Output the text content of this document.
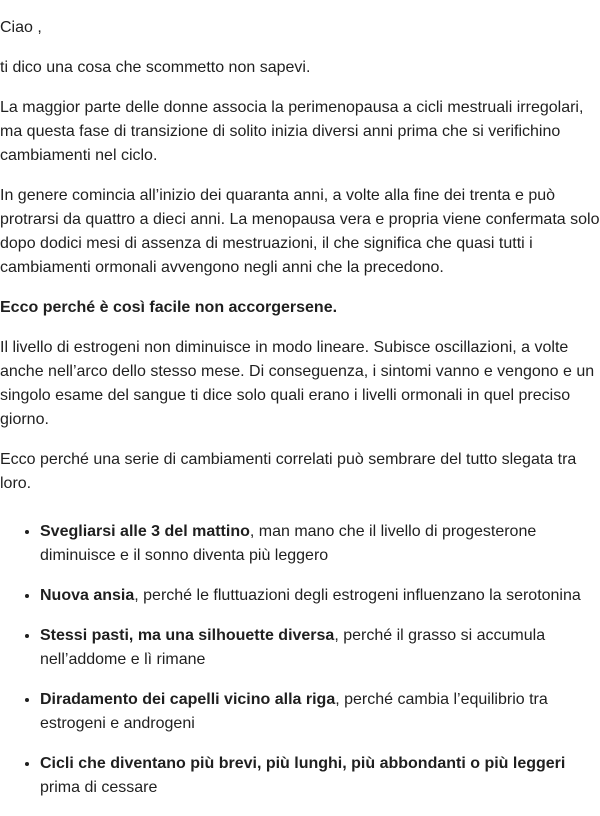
Ciao ,

ti dico una cosa che scommetto non sapevi.

La maggior parte delle donne associa la perimenopausa a cicli mestruali irregolari, ma questa fase di transizione di solito inizia diversi anni prima che si verifichino cambiamenti nel ciclo.

In genere comincia all’inizio dei quaranta anni, a volte alla fine dei trenta e può protrarsi da quattro a dieci anni. La menopausa vera e propria viene confermata solo dopo dodici mesi di assenza di mestruazioni, il che significa che quasi tutti i cambiamenti ormonali avvengono negli anni che la precedono.

Ecco perché è così facile non accorgersene.

Il livello di estrogeni non diminuisce in modo lineare. Subisce oscillazioni, a volte anche nell’arco dello stesso mese. Di conseguenza, i sintomi vanno e vengono e un singolo esame del sangue ti dice solo quali erano i livelli ormonali in quel preciso giorno.

Ecco perché una serie di cambiamenti correlati può sembrare del tutto slegata tra loro.

• Svegliarsi alle 3 del mattino, man mano che il livello di progesterone diminuisce e il sonno diventa più leggero
• Nuova ansia, perché le fluttuazioni degli estrogeni influenzano la serotonina
• Stessi pasti, ma una silhouette diversa, perché il grasso si accumula nell’addome e lì rimane
• Diradamento dei capelli vicino alla riga, perché cambia l’equilibrio tra estrogeni e androgeni
• Cicli che diventano più brevi, più lunghi, più abbondanti o più leggeri prima di cessare
